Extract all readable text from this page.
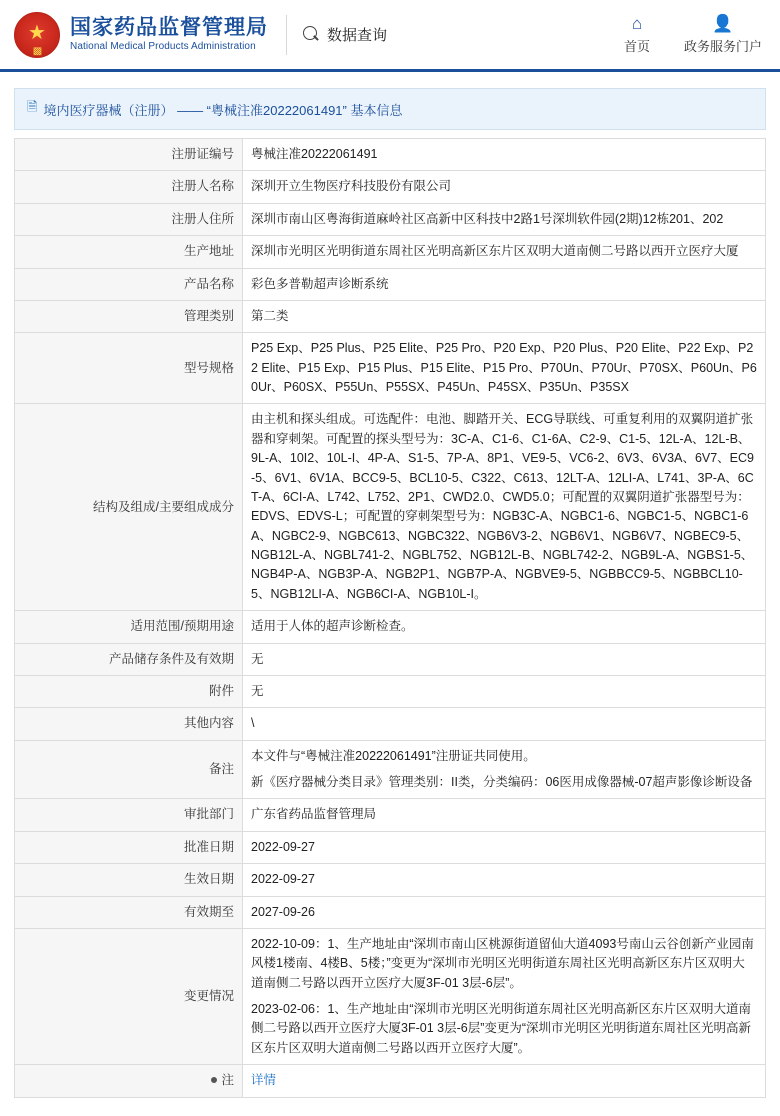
★
▩
国家药品监督管理局
National Medical Products Administration
数据查询
⌂
首页
👤
政务服务门户
🗎 境内医疗器械（注册） —— “粤械注准20222061491” 基本信息
注册证编号	粤械注准20222061491
注册人名称	深圳开立生物医疗科技股份有限公司
注册人住所	深圳市南山区粤海街道麻岭社区高新中区科技中2路1号深圳软件园(2期)12栋201、202
生产地址	深圳市光明区光明街道东周社区光明高新区东片区双明大道南侧二号路以西开立医疗大厦
产品名称	彩色多普勒超声诊断系统
管理类别	第二类
型号规格	P25 Exp、P25 Plus、P25 Elite、P25 Pro、P20 Exp、P20 Plus、P20 Elite、P22 Exp、P22 Elite、P15 Exp、P15 Plus、P15 Elite、P15 Pro、P70Un、P70Ur、P70SX、P60Un、P60Ur、P60SX、P55Un、P55SX、P45Un、P45SX、P35Un、P35SX
结构及组成/主要组成成分	由主机和探头组成。可选配件：电池、脚踏开关、ECG导联线、可重复利用的双翼阴道扩张器和穿刺架。可配置的探头型号为：3C-A、C1-6、C1-6A、C2-9、C1-5、12L-A、12L-B、9L-A、10I2、10L-I、4P-A、S1-5、7P-A、8P1、VE9-5、VC6-2、6V3、6V3A、6V7、EC9-5、6V1、6V1A、BCC9-5、BCL10-5、C322、C613、12LT-A、12LI-A、L741、3P-A、6CT-A、6CI-A、L742、L752、2P1、CWD2.0、CWD5.0；可配置的双翼阴道扩张器型号为：EDVS、EDVS-L；可配置的穿刺架型号为：NGB3C-A、NGBC1-6、NGBC1-5、NGBC1-6A、NGBC2-9、NGBC613、NGBC322、NGB6V3-2、NGB6V1、NGB6V7、NGBEC9-5、NGB12L-A、NGBL741-2、NGBL752、NGB12L-B、NGBL742-2、NGB9L-A、NGBS1-5、NGB4P-A、NGB3P-A、NGB2P1、NGB7P-A、NGBVE9-5、NGBBCC9-5、NGBBCL10-5、NGB12LI-A、NGB6CI-A、NGB10L-I。
适用范围/预期用途	适用于人体的超声诊断检查。
产品储存条件及有效期	无
附件	无
其他内容	\
备注	本文件与“粤械注准20222061491”注册证共同使用。

新《医疗器械分类目录》管理类别：II类，分类编码：06医用成像器械-07超声影像诊断设备

审批部门	广东省药品监督管理局
批准日期	2022-09-27
生效日期	2022-09-27
有效期至	2027-09-26
变更情况	2022-10-09：1、生产地址由“深圳市南山区桃源街道留仙大道4093号南山云谷创新产业园南风楼1楼南、4楼B、5楼；”变更为“深圳市光明区光明街道东周社区光明高新区东片区双明大道南侧二号路以西开立医疗大厦3F-01 3层-6层”。

2023-02-06：1、生产地址由“深圳市光明区光明街道东周社区光明高新区东片区双明大道南侧二号路以西开立医疗大厦3F-01 3层-6层”变更为“深圳市光明区光明街道东周社区光明高新区东片区双明大道南侧二号路以西开立医疗大厦”。

注	详情
